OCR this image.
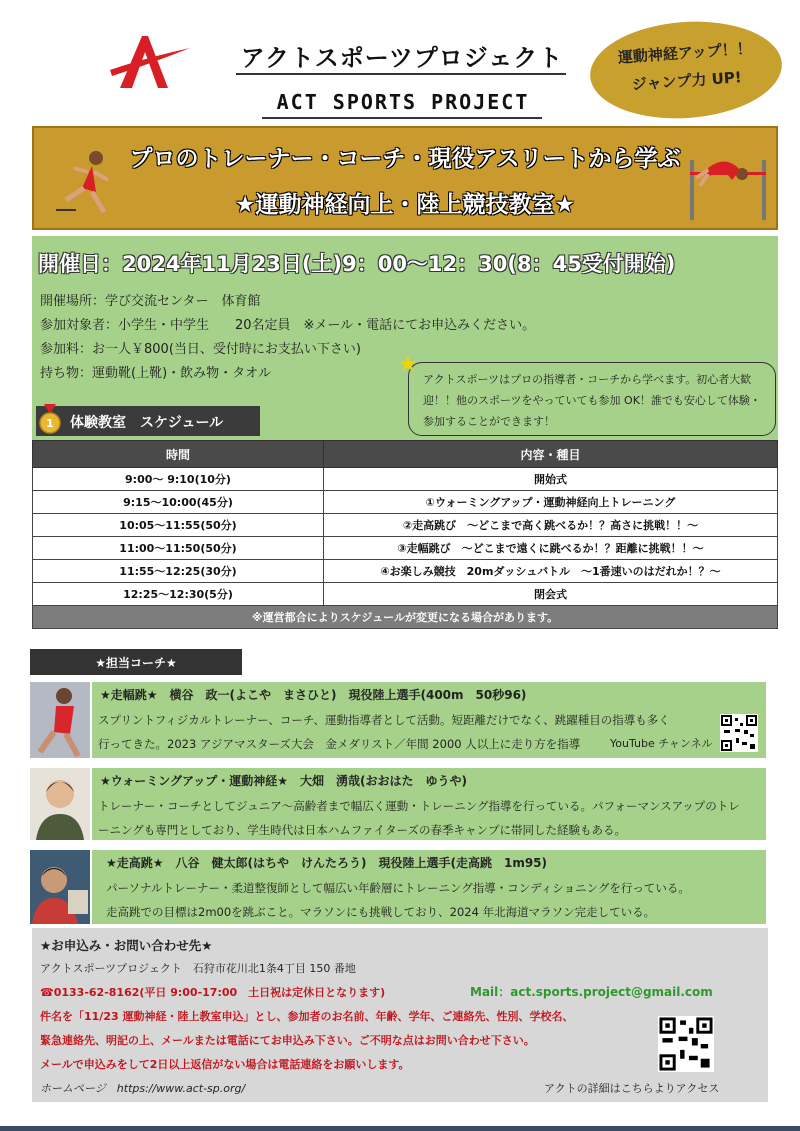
アクトスポーツプロジェクト
ACT SPORTS PROJECT
運動神経アップ！！
ジャンプ力 UP!
プロのトレーナー・コーチ・現役アスリートから学ぶ
★運動神経向上・陸上競技教室★
開催日：2024年11月23日(土)9：00～12：30(8：45受付開始)
開催場所：学び交流センター　体育館
参加対象者：小学生・中学生　　20名定員　※メール・電話にてお申込みください。
参加料：お一人￥800(当日、受付時にお支払い下さい)
持ち物：運動靴(上靴)・飲み物・タオル	アクトスポーツはプロの指導者・コーチから学べます。初心者大歓迎！！他のスポーツをやっていても参加 OK！誰でも安心して体験・参加することができます！
★
体験教室　スケジュール
1
時間	内容・種目
9:00～ 9:10(10分)	開始式
9:15～10:00(45分)	①ウォーミングアップ・運動神経向上トレーニング
10:05～11:55(50分)	②走高跳び　～どこまで高く跳べるか！？高さに挑戦！！～
11:00～11:50(50分)	③走幅跳び　～どこまで遠くに跳べるか！？距離に挑戦！！～
11:55～12:25(30分)	④お楽しみ競技　20mダッシュバトル　～1番速いのはだれか！？～
12:25～12:30(5分)	閉会式
※運営都合によりスケジュールが変更になる場合があります。	
★担当コーチ★
★走幅跳★　横谷　政一(よこや　まさひと)　現役陸上選手(400m　50秒96)
スプリントフィジカルトレーナー、コーチ、運動指導者として活動。短距離だけでなく、跳躍種目の指導も多く
行ってきた。2023 アジアマスターズ大会　金メダリスト／年間 2000 人以上に走り方を指導	YouTube チャンネル
★ウォーミングアップ・運動神経★　大畑　湧哉(おおはた　ゆうや)
トレーナー・コーチとしてジュニア～高齢者まで幅広く運動・トレーニング指導を行っている。パフォーマンスアップのトレ
ーニングも専門としており、学生時代は日本ハムファイターズの春季キャンプに帯同した経験もある。
★走高跳★　八谷　健太郎(はちや　けんたろう)　現役陸上選手(走高跳　1m95)
パーソナルトレーナー・柔道整復師として幅広い年齢層にトレーニング指導・コンディショニングを行っている。
走高跳での目標は2m00を跳ぶこと。マラソンにも挑戦しており、2024 年北海道マラソン完走している。
★お申込み・お問い合わせ先★
アクトスポーツプロジェクト　石狩市花川北1条4丁目 150 番地
☎0133-62-8162(平日 9:00-17:00　土日祝は定休日となります)	Mail：act.sports.project@gmail.com
件名を「11/23 運動神経・陸上教室申込」とし、参加者のお名前、年齢、学年、ご連絡先、性別、学校名、
緊急連絡先、明記の上、メールまたは電話にてお申込み下さい。ご不明な点はお問い合わせ下さい。
メールで申込みをして2日以上返信がない場合は電話連絡をお願いします。
ホームページ　https://www.act-sp.org/	アクトの詳細はこちらよりアクセス
